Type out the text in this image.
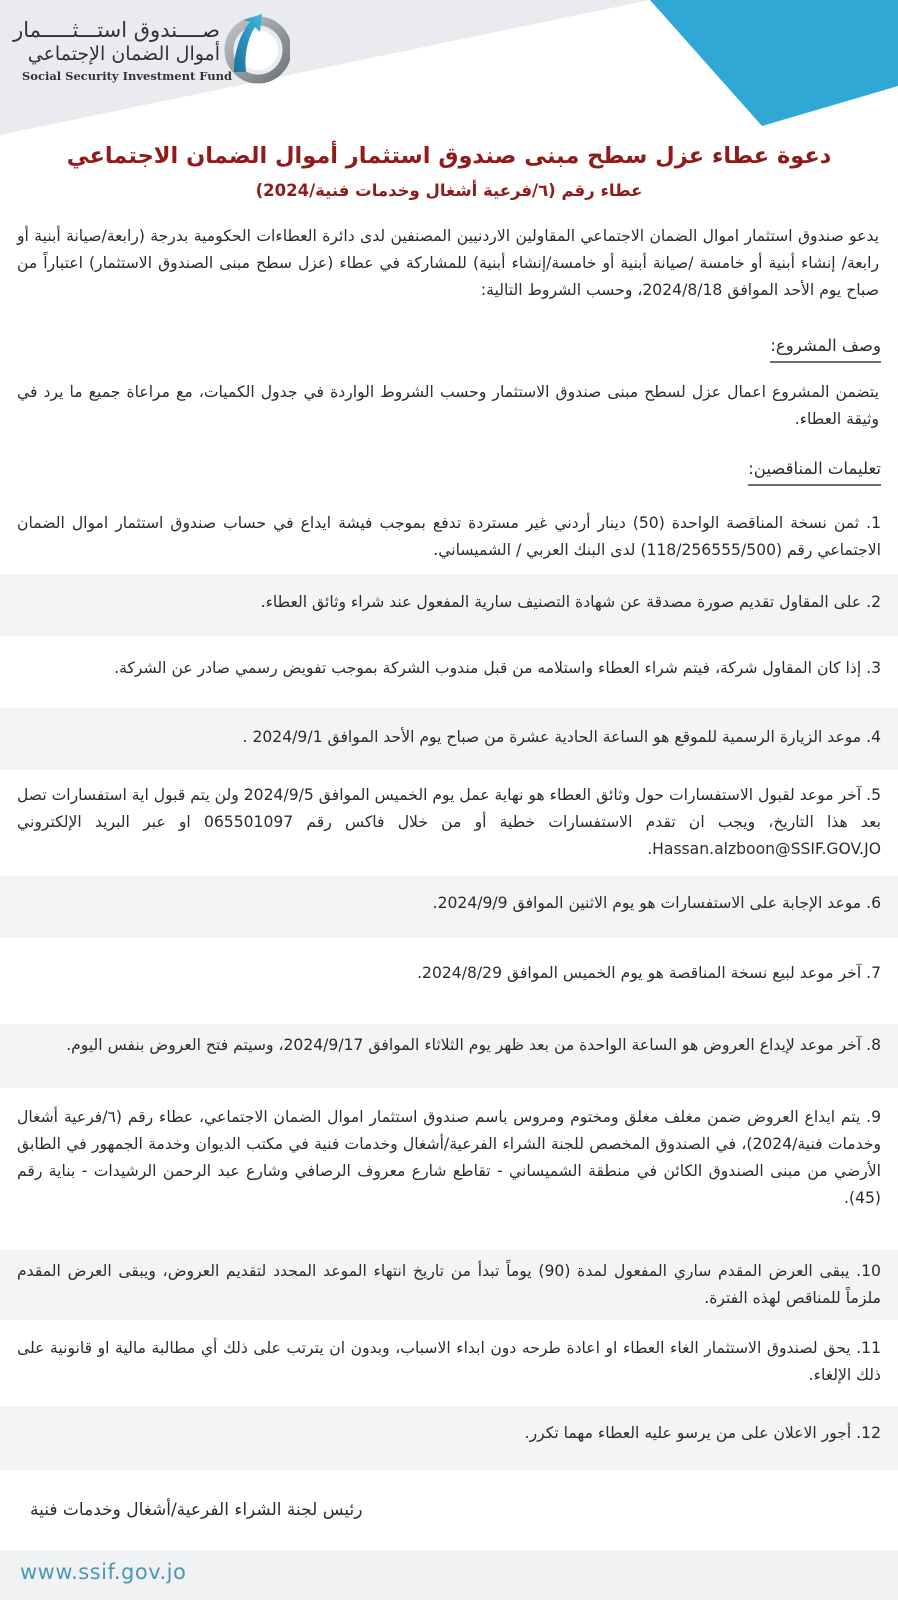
صــــندوق استـــثـــــمار
أموال الضمان الإجتماعي
Social Security Investment Fund
دعوة عطاء عزل سطح مبنى صندوق استثمار أموال الضمان الاجتماعي
عطاء رقم (٦/فرعية أشغال وخدمات فنية/2024)

يدعو صندوق استثمار اموال الضمان الاجتماعي المقاولين الاردنيين المصنفين لدى دائرة العطاءات الحكومية بدرجة (رابعة/صيانة أبنية أو رابعة/ إنشاء أبنية أو خامسة /صيانة أبنية أو خامسة/إنشاء أبنية) للمشاركة في عطاء (عزل سطح مبنى الصندوق الاستثمار) اعتباراً من صباح يوم الأحد الموافق 2024/8/18، وحسب الشروط التالية:

وصف المشروع:

يتضمن المشروع اعمال عزل لسطح مبنى صندوق الاستثمار وحسب الشروط الواردة في جدول الكميات، مع مراعاة جميع ما يرد في وثيقة العطاء.

تعليمات المناقصين:

1. ثمن نسخة المناقصة الواحدة (50) دينار أردني غير مستردة تدفع بموجب فيشة ايداع في حساب صندوق استثمار اموال الضمان الاجتماعي رقم (118/256555/500) لدى البنك العربي / الشميساني.

2. على المقاول تقديم صورة مصدقة عن شهادة التصنيف سارية المفعول عند شراء وثائق العطاء.

3. إذا كان المقاول شركة، فيتم شراء العطاء واستلامه من قبل مندوب الشركة بموجب تفويض رسمي صادر عن الشركة.

4. موعد الزيارة الرسمية للموقع هو الساعة الحادية عشرة من صباح يوم الأحد الموافق 2024/9/1 .

5. آخر موعد لقبول الاستفسارات حول وثائق العطاء هو نهاية عمل يوم الخميس الموافق 2024/9/5 ولن يتم قبول اية استفسارات تصل بعد هذا التاريخ، ويجب ان تقدم الاستفسارات خطية أو من خلال فاكس رقم 065501097 او عبر البريد الإلكتروني Hassan.alzboon@SSIF.GOV.JO.

6. موعد الإجابة على الاستفسارات هو يوم الاثنين الموافق 2024/9/9.

7. آخر موعد لبيع نسخة المناقصة هو يوم الخميس الموافق 2024/8/29.

8. آخر موعد لإيداع العروض هو الساعة الواحدة من بعد ظهر يوم الثلاثاء الموافق 2024/9/17، وسيتم فتح العروض بنفس اليوم.

9. يتم ايداع العروض ضمن مغلف مغلق ومختوم ومروس باسم صندوق استثمار اموال الضمان الاجتماعي، عطاء رقم (٦/فرعية أشغال وخدمات فنية/2024)، في الصندوق المخصص للجنة الشراء الفرعية/أشغال وخدمات فنية في مكتب الديوان وخدمة الجمهور في الطابق الأرضي من مبنى الصندوق الكائن في منطقة الشميساني - تقاطع شارع معروف الرصافي وشارع عبد الرحمن الرشيدات - بناية رقم (45).

10. يبقى العرض المقدم ساري المفعول لمدة (90) يوماً تبدأ من تاريخ انتهاء الموعد المحدد لتقديم العروض، ويبقى العرض المقدم ملزماً للمناقص لهذه الفترة.

11. يحق لصندوق الاستثمار الغاء العطاء او اعادة طرحه دون ابداء الاسباب، وبدون ان يترتب على ذلك أي مطالبة مالية او قانونية على ذلك الإلغاء.

12. أجور الاعلان على من يرسو عليه العطاء مهما تكرر.

رئيس لجنة الشراء الفرعية/أشغال وخدمات فنية
www.ssif.gov.jo
